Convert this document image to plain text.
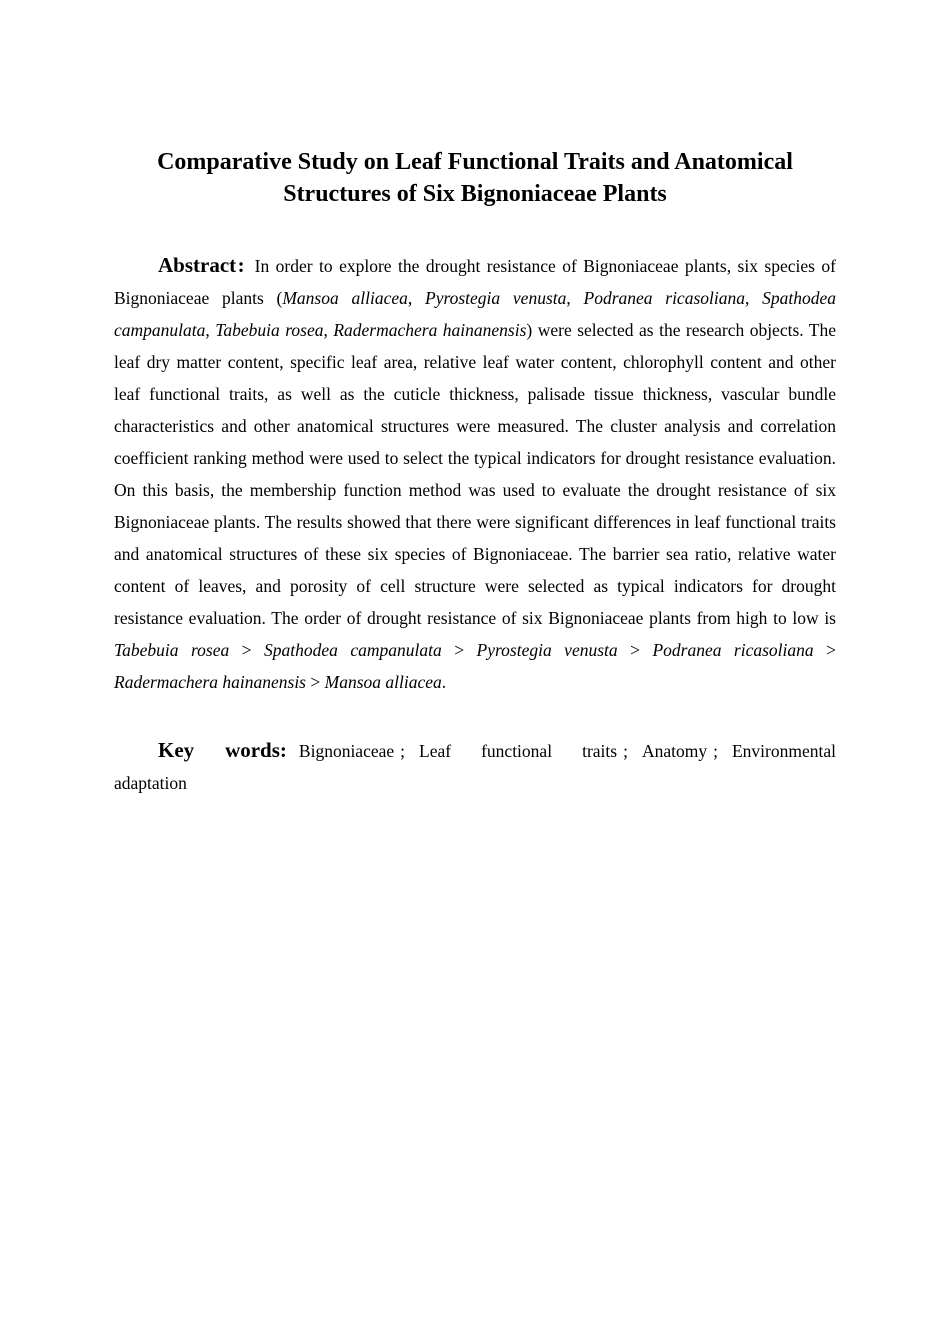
Comparative Study on Leaf Functional Traits and Anatomical
Structures of Six Bignoniaceae Plants

Abstract : In order to explore the drought resistance of Bignoniaceae plants, six species of Bignoniaceae plants (Mansoa alliacea, Pyrostegia venusta, Podranea ricasoliana, Spathodea campanulata, Tabebuia rosea, Radermachera hainanensis) were selected as the research objects. The leaf dry matter content, specific leaf area, relative leaf water content, chlorophyll content and other leaf functional traits, as well as the cuticle thickness, palisade tissue thickness, vascular bundle characteristics and other anatomical structures were measured. The cluster analysis and correlation coefficient ranking method were used to select the typical indicators for drought resistance evaluation. On this basis, the membership function method was used to evaluate the drought resistance of six Bignoniaceae plants. The results showed that there were significant differences in leaf functional traits and anatomical structures of these six species of Bignoniaceae. The barrier sea ratio, relative water content of leaves, and porosity of cell structure were selected as typical indicators for drought resistance evaluation. The order of drought resistance of six Bignoniaceae plants from high to low is Tabebuia rosea > Spathodea campanulata > Pyrostegia venusta > Podranea ricasoliana > Radermachera hainanensis > Mansoa alliacea.

Key words: Bignoniaceae ; Leaf functional traits ; Anatomy ; Environmental adaptation
